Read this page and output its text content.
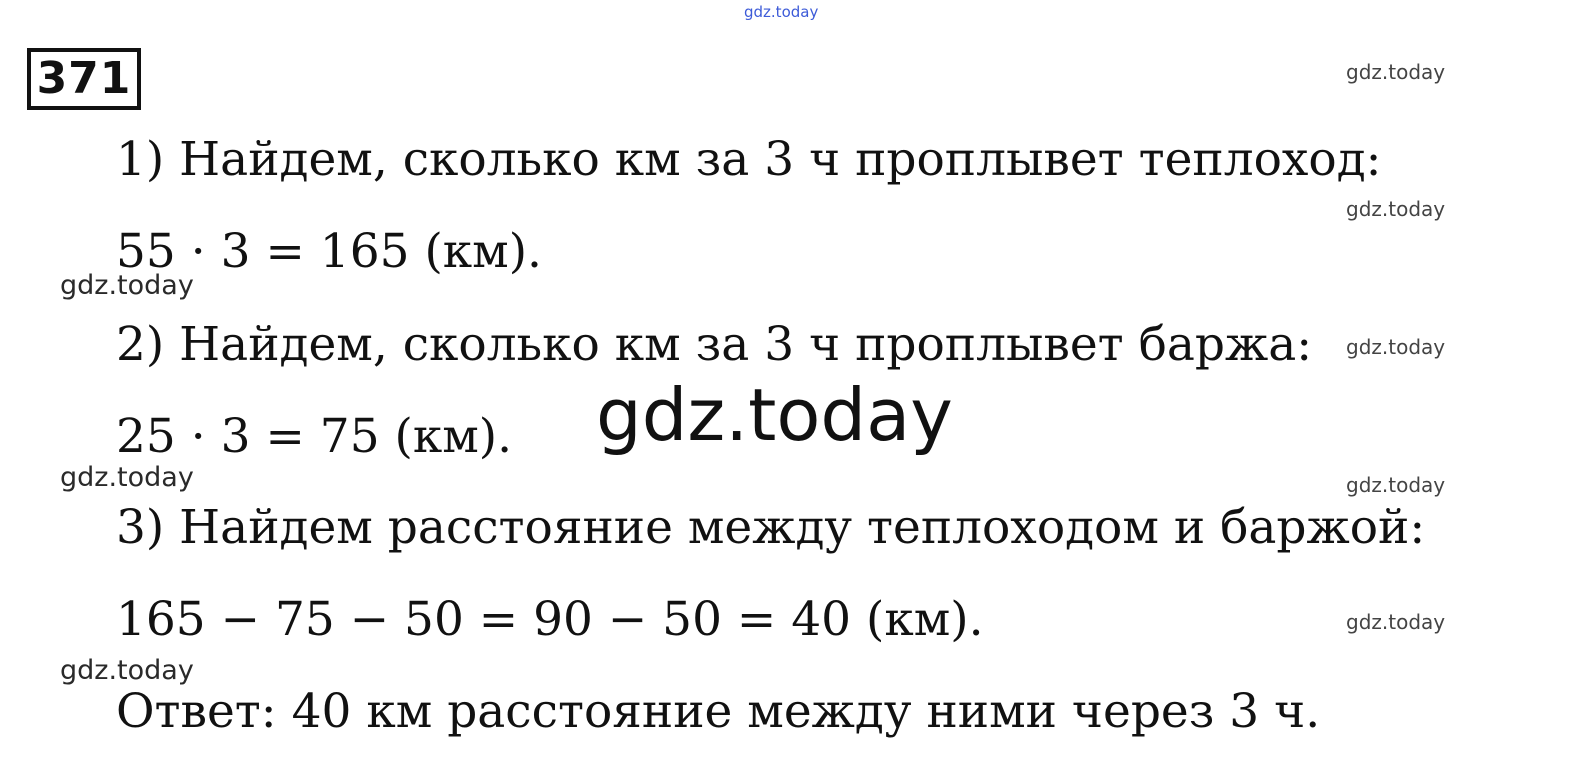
gdz.today
371	gdz.today
1) Найдем, сколько км за 3 ч проплывет теплоход:
gdz.today
55 · 3 = 165 (км).
gdz.today
2) Найдем, сколько км за 3 ч проплывет баржа: gdz.today
25 · 3 = 75 (км). gdz.today
gdz.today	gdz.today
3) Найдем расстояние между теплоходом и баржой:
165 − 75 − 50 = 90 − 50 = 40 (км).	gdz.today
gdz.today
Ответ: 40 км расстояние между ними через 3 ч.
